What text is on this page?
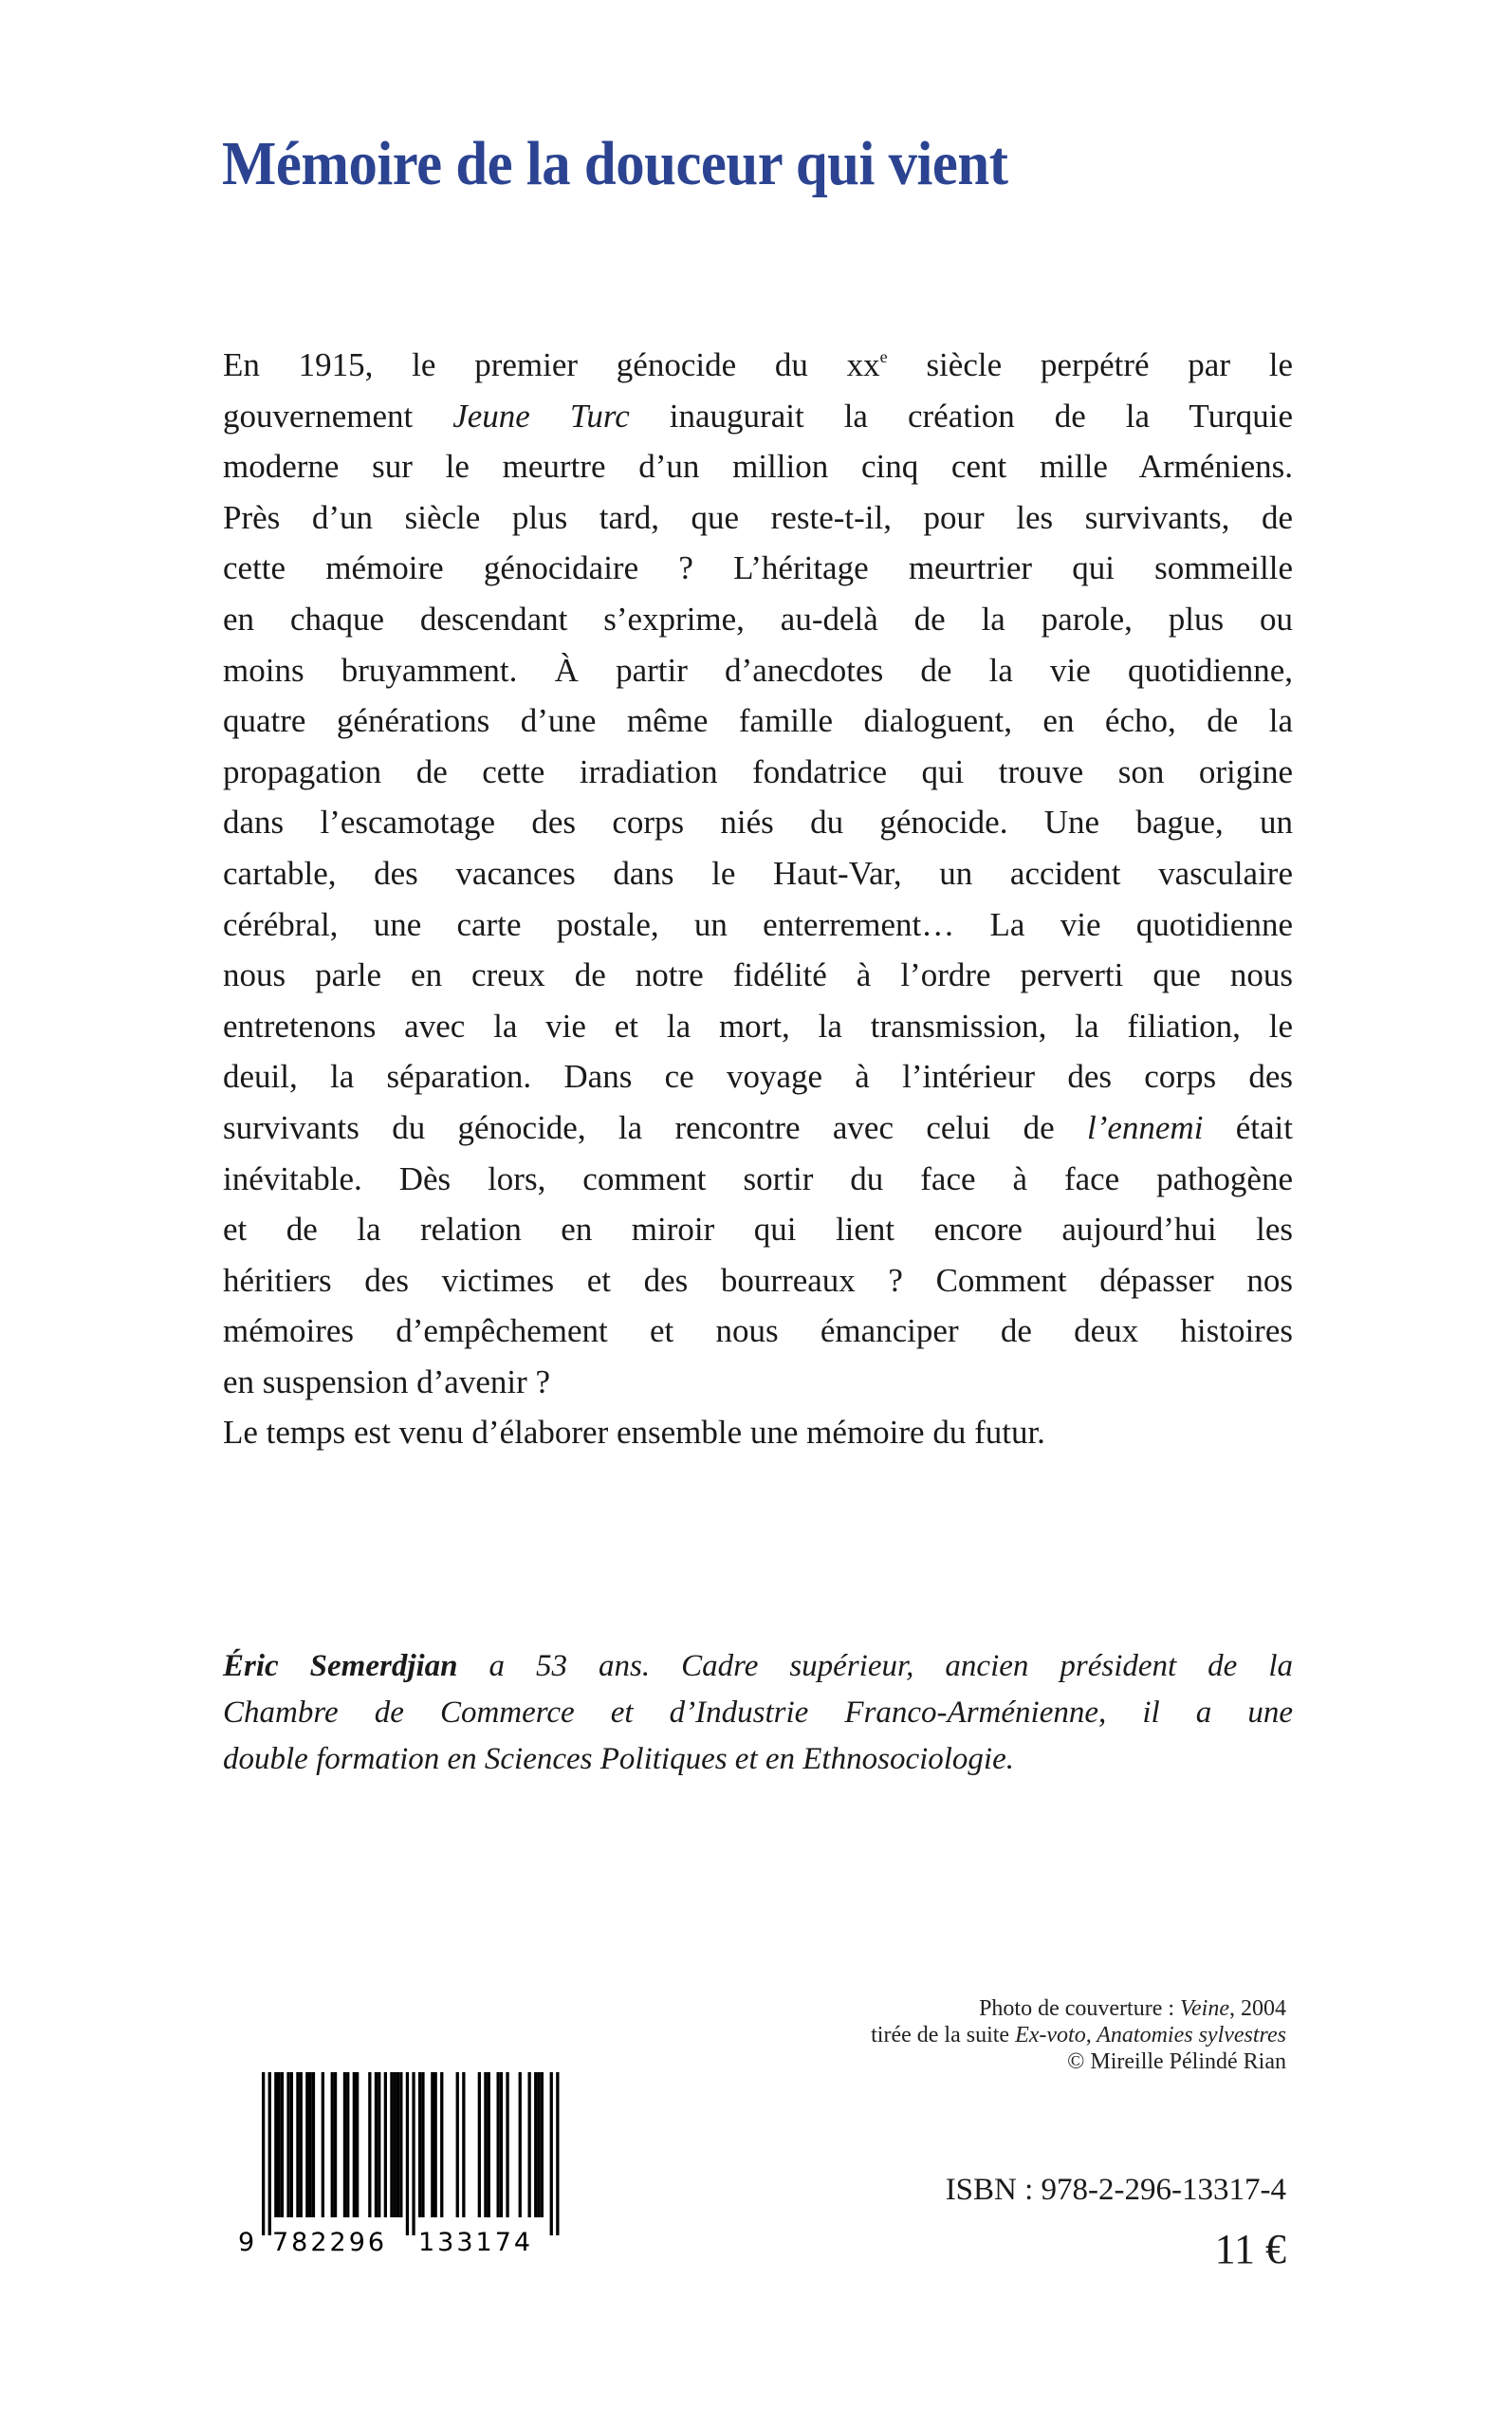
Mémoire de la douceur qui vient
En 1915, le premier génocide du $xx^e$ siècle perpétré par le
gouvernement Jeune Turc inaugurait la création de la Turquie
moderne sur le meurtre d’un million cinq cent mille Arméniens.
Près d’un siècle plus tard, que reste-t-il, pour les survivants, de
cette mémoire génocidaire ? L’héritage meurtrier qui sommeille
en chaque descendant s’exprime, au-delà de la parole, plus ou
moins bruyamment. À partir d’anecdotes de la vie quotidienne,
quatre générations d’une même famille dialoguent, en écho, de la
propagation de cette irradiation fondatrice qui trouve son origine
dans l’escamotage des corps niés du génocide. Une bague, un
cartable, des vacances dans le Haut-Var, un accident vasculaire
cérébral, une carte postale, un enterrement… La vie quotidienne
nous parle en creux de notre fidélité à l’ordre perverti que nous
entretenons avec la vie et la mort, la transmission, la filiation, le
deuil, la séparation. Dans ce voyage à l’intérieur des corps des
survivants du génocide, la rencontre avec celui de l’ennemi était
inévitable. Dès lors, comment sortir du face à face pathogène
et de la relation en miroir qui lient encore aujourd’hui les
héritiers des victimes et des bourreaux ? Comment dépasser nos
mémoires d’empêchement et nous émanciper de deux histoires
en suspension d’avenir ?
Le temps est venu d’élaborer ensemble une mémoire du futur.
Éric Semerdjian a 53 ans. Cadre supérieur, ancien président de la
Chambre de Commerce et d’Industrie Franco-Arménienne, il a une
double formation en Sciences Politiques et en Ethnosociologie.
Photo de couverture : Veine, 2004
tirée de la suite Ex-voto, Anatomies sylvestres
© Mireille Pélindé Rian
9 782296 133174
ISBN : 978-2-296-13317-4
11 €
